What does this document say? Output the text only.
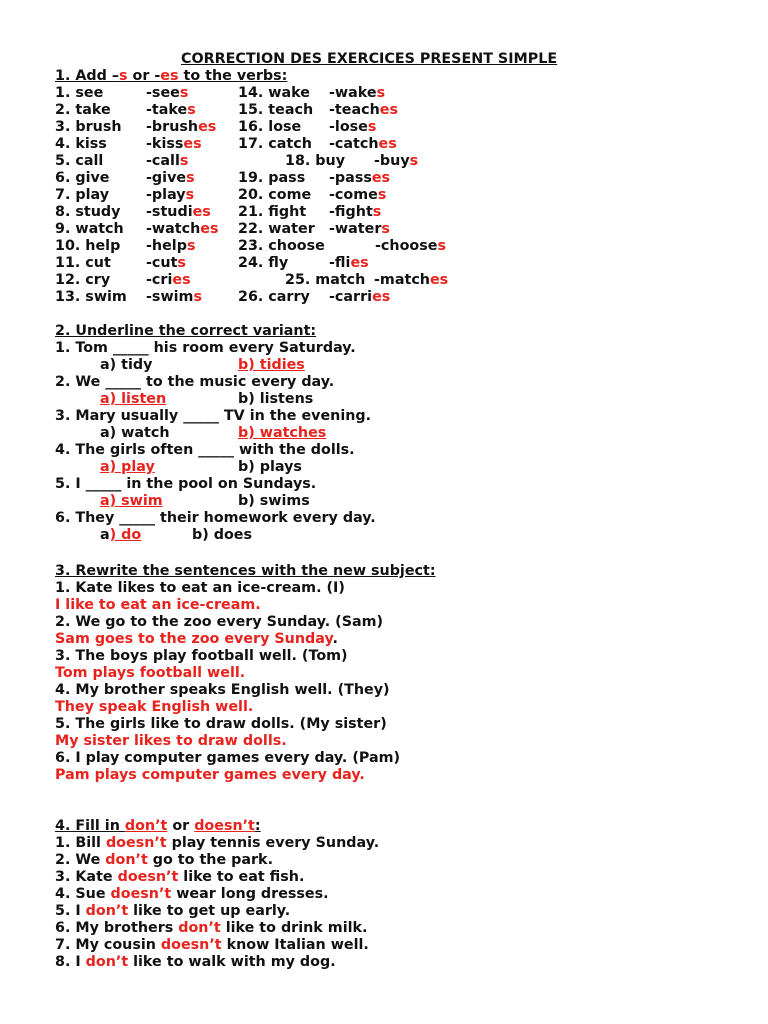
CORRECTION DES EXERCICES PRESENT SIMPLE
1. Add –s or -es to the verbs:
2. Underline the correct variant:
3. Rewrite the sentences with the new subject:
4. Fill in don’t or doesn’t:
1. see	-sees	14. wake -wakes
2. take -takes	15. teach -teaches
3. brush -brushes 16. lose -loses
4. kiss	-kisses	17. catch -catches
5. call	-calls	18. buy -buys
6. give	-gives	19. pass -passes
7. play	-plays	20. come -comes
8. study -studies 21. fight -fights
9. watch -watches 22. water -waters
10. help -helps	23. choose	-chooses
11. cut -cuts	24. fly	-flies
12. cry	-cries	25. match -matches
13. swim -swims	26. carry -carries
1. Tom _____ his room every Saturday.
a) tidy	b) tidies
2. We _____ to the music every day.
a) listen	b) listens
3. Mary usually _____ TV in the evening.
a) watch	b) watches
4. The girls often _____ with the dolls.
a) play	b) plays
5. I _____ in the pool on Sundays.
a) swim	b) swims
6. They _____ their homework every day.
a) do	b) does
1. Kate likes to eat an ice-cream. (I)
I like to eat an ice-cream.
2. We go to the zoo every Sunday. (Sam)
Sam goes to the zoo every Sunday.
3. The boys play football well. (Tom)
Tom plays football well.
4. My brother speaks English well. (They)
They speak English well.
5. The girls like to draw dolls. (My sister)
My sister likes to draw dolls.
6. I play computer games every day. (Pam)
Pam plays computer games every day.
1. Bill doesn’t play tennis every Sunday.
2. We don’t go to the park.
3. Kate doesn’t like to eat fish.
4. Sue doesn’t wear long dresses.
5. I don’t like to get up early.
6. My brothers don’t like to drink milk.
7. My cousin doesn’t know Italian well.
8. I don’t like to walk with my dog.
